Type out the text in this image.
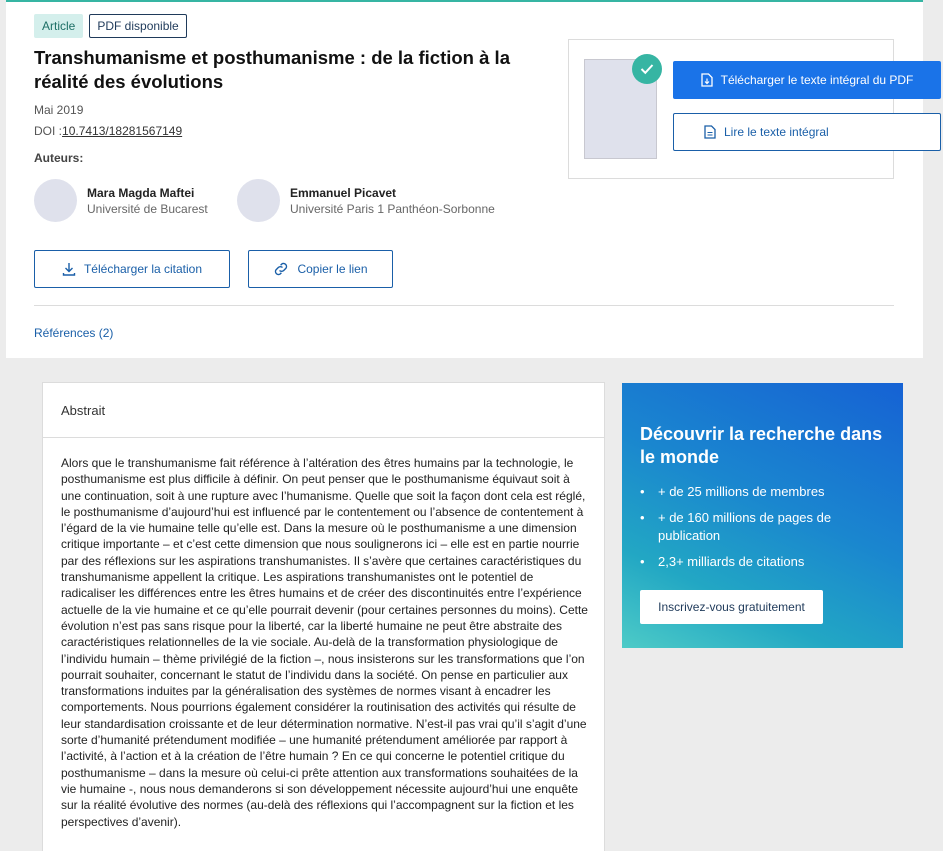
Article	PDF disponible
Transhumanisme et posthumanisme : de la fiction à la réalité des évolutions
Mai 2019
DOI :10.7413/18281567149
Auteurs:
Mara Magda Maftei
Université de Bucarest
Emmanuel Picavet
Université Paris 1 Panthéon-Sorbonne
Télécharger la citation	Copier le lien
Références (2)
Télécharger le texte intégral du PDF
Lire le texte intégral
Abstrait

Alors que le transhumanisme fait référence à l’altération des êtres humains par la technologie, le posthumanisme est plus difficile à définir. On peut penser que le posthumanisme équivaut soit à une continuation, soit à une rupture avec l’humanisme. Quelle que soit la façon dont cela est réglé, le posthumanisme d’aujourd’hui est influencé par le contentement ou l’absence de contentement à l’égard de la vie humaine telle qu’elle est. Dans la mesure où le posthumanisme a une dimension critique importante – et c’est cette dimension que nous soulignerons ici – elle est en partie nourrie par des réflexions sur les aspirations transhumanistes. Il s’avère que certaines caractéristiques du transhumanisme appellent la critique. Les aspirations transhumanistes ont le potentiel de radicaliser les différences entre les êtres humains et de créer des discontinuités entre l’expérience actuelle de la vie humaine et ce qu’elle pourrait devenir (pour certaines personnes du moins). Cette évolution n’est pas sans risque pour la liberté, car la liberté humaine ne peut être abstraite des caractéristiques relationnelles de la vie sociale. Au-delà de la transformation physiologique de l’individu humain – thème privilégié de la fiction –, nous insisterons sur les transformations que l’on pourrait souhaiter, concernant le statut de l’individu dans la société. On pense en particulier aux transformations induites par la généralisation des systèmes de normes visant à encadrer les comportements. Nous pourrions également considérer la routinisation des activités qui résulte de leur standardisation croissante et de leur détermination normative. N’est-il pas vrai qu’il s’agit d’une sorte d’humanité prétendument modifiée – une humanité prétendument améliorée par rapport à l’activité, à l’action et à la création de l’être humain ? En ce qui concerne le potentiel critique du posthumanisme – dans la mesure où celui-ci prête attention aux transformations souhaitées de la vie humaine -, nous nous demanderons si son développement nécessite aujourd’hui une enquête sur la réalité évolutive des normes (au-delà des réflexions qui l’accompagnent sur la fiction et les perspectives d’avenir).

Découvrir la recherche dans le monde
• + de 25 millions de membres
• + de 160 millions de pages de publication
• 2,3+ milliards de citations
Inscrivez-vous gratuitement
